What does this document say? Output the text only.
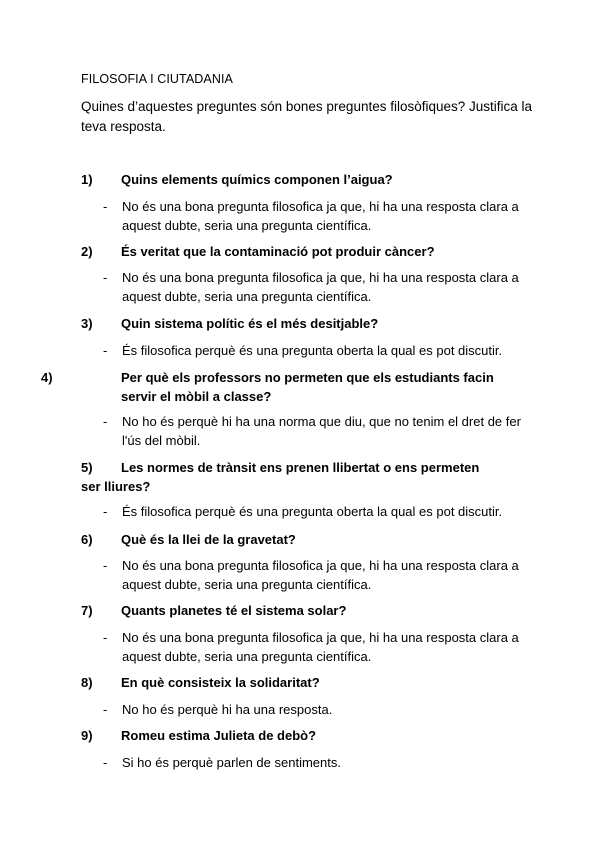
FILOSOFIA I CIUTADANIA
Quines d’aquestes preguntes són bones preguntes filosòfiques? Justifica la teva resposta.
1) Quins elements químics componen l’aigua?
- No és una bona pregunta filosofica ja que, hi ha una resposta clara a aquest dubte, seria una pregunta científica.
2) És veritat que la contaminació pot produir càncer?
- No és una bona pregunta filosofica ja que, hi ha una resposta clara a aquest dubte, seria una pregunta científica.
3) Quin sistema polític és el més desitjable?
- És filosofica perquè és una pregunta oberta la qual es pot discutir.
4)	Per què els professors no permeten que els estudiants facin servir el mòbil a classe?
- No ho és perquè hi ha una norma que diu, que no tenim el dret de fer l'ús del mòbil.
5) Les normes de trànsit ens prenen llibertat o ens permeten ser lliures?
- És filosofica perquè és una pregunta oberta la qual es pot discutir.
6) Què és la llei de la gravetat?
- No és una bona pregunta filosofica ja que, hi ha una resposta clara a aquest dubte, seria una pregunta científica.
7) Quants planetes té el sistema solar?
- No és una bona pregunta filosofica ja que, hi ha una resposta clara a aquest dubte, seria una pregunta científica.
8) En què consisteix la solidaritat?
- No ho és perquè hi ha una resposta.
9) Romeu estima Julieta de debò?
- Si ho és perquè parlen de sentiments.
